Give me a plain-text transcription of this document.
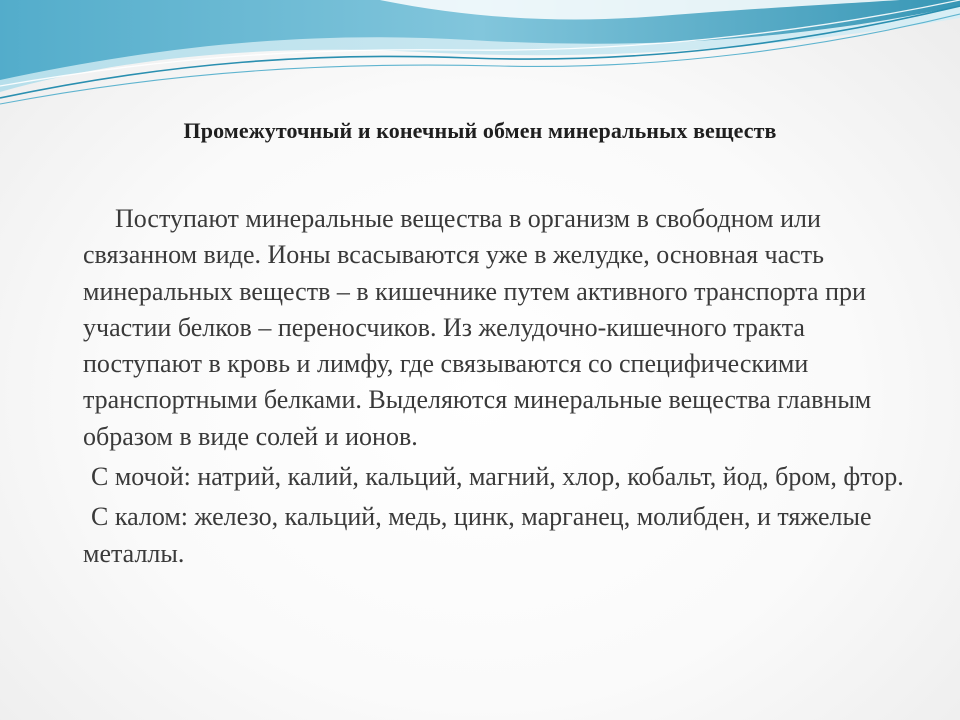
Промежуточный и конечный обмен минеральных веществ

Поступают минеральные вещества в организм в свободном или связанном виде. Ионы всасываются уже в желудке, основная часть минеральных веществ – в кишечнике путем активного транспорта при участии белков – переносчиков. Из желудочно-кишечного тракта поступают в кровь и лимфу, где связываются со специфическими транспортными белками. Выделяются минеральные вещества главным образом в виде солей и ионов.

С мочой: натрий, калий, кальций, магний, хлор, кобальт, йод, бром, фтор.

С калом: железо, кальций, медь, цинк, марганец, молибден, и тяжелые металлы.
